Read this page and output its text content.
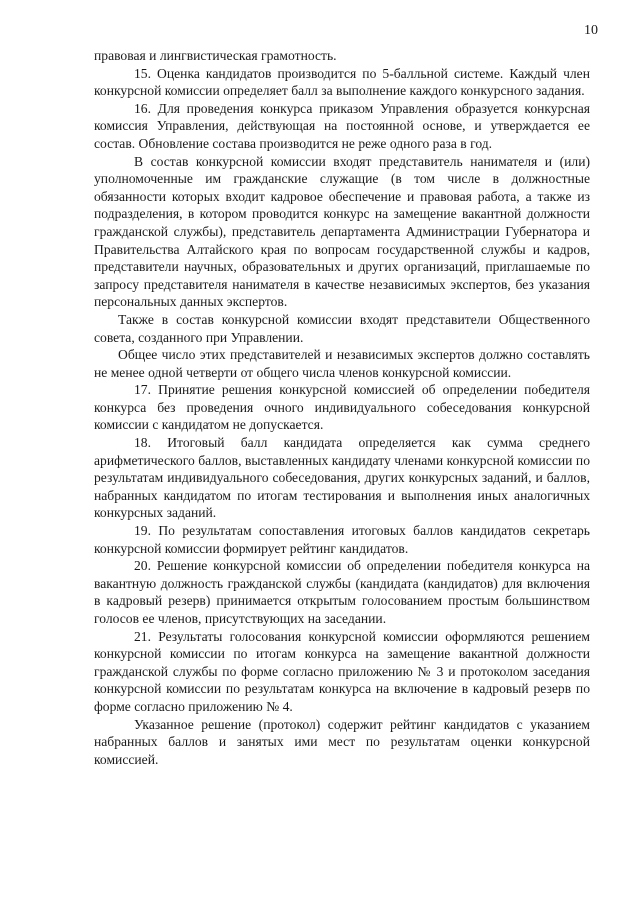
10

правовая и лингвистическая грамотность.

15. Оценка кандидатов производится по 5-балльной системе. Каждый член конкурсной комиссии определяет балл за выполнение каждого конкурсного задания.

16. Для проведения конкурса приказом Управления образуется конкурсная комиссия Управления, действующая на постоянной основе, и утверждается ее состав. Обновление состава производится не реже одного раза в год.

В состав конкурсной комиссии входят представитель нанимателя и (или) уполномоченные им гражданские служащие (в том числе в должностные обязанности которых входит кадровое обеспечение и правовая работа, а также из подразделения, в котором проводится конкурс на замещение вакантной должности гражданской службы), представитель департамента Администрации Губернатора и Правительства Алтайского края по вопросам государственной службы и кадров, представители научных, образовательных и других организаций, приглашаемые по запросу представителя нанимателя в качестве независимых экспертов, без указания персональных данных экспертов.

Также в состав конкурсной комиссии входят представители Общественного совета, созданного при Управлении.

Общее число этих представителей и независимых экспертов должно составлять не менее одной четверти от общего числа членов конкурсной комиссии.

17. Принятие решения конкурсной комиссией об определении победителя конкурса без проведения очного индивидуального собеседования конкурсной комиссии с кандидатом не допускается.

18. Итоговый балл кандидата определяется как сумма среднего арифметического баллов, выставленных кандидату членами конкурсной комиссии по результатам индивидуального собеседования, других конкурсных заданий, и баллов, набранных кандидатом по итогам тестирования и выполнения иных аналогичных конкурсных заданий.

19. По результатам сопоставления итоговых баллов кандидатов секретарь конкурсной комиссии формирует рейтинг кандидатов.

20. Решение конкурсной комиссии об определении победителя конкурса на вакантную должность гражданской службы (кандидата (кандидатов) для включения в кадровый резерв) принимается открытым голосованием простым большинством голосов ее членов, присутствующих на заседании.

21. Результаты голосования конкурсной комиссии оформляются решением конкурсной комиссии по итогам конкурса на замещение вакантной должности гражданской службы по форме согласно приложению № 3 и протоколом заседания конкурсной комиссии по результатам конкурса на включение в кадровый резерв по форме согласно приложению № 4.

Указанное решение (протокол) содержит рейтинг кандидатов с указанием набранных баллов и занятых ими мест по результатам оценки конкурсной комиссией.
